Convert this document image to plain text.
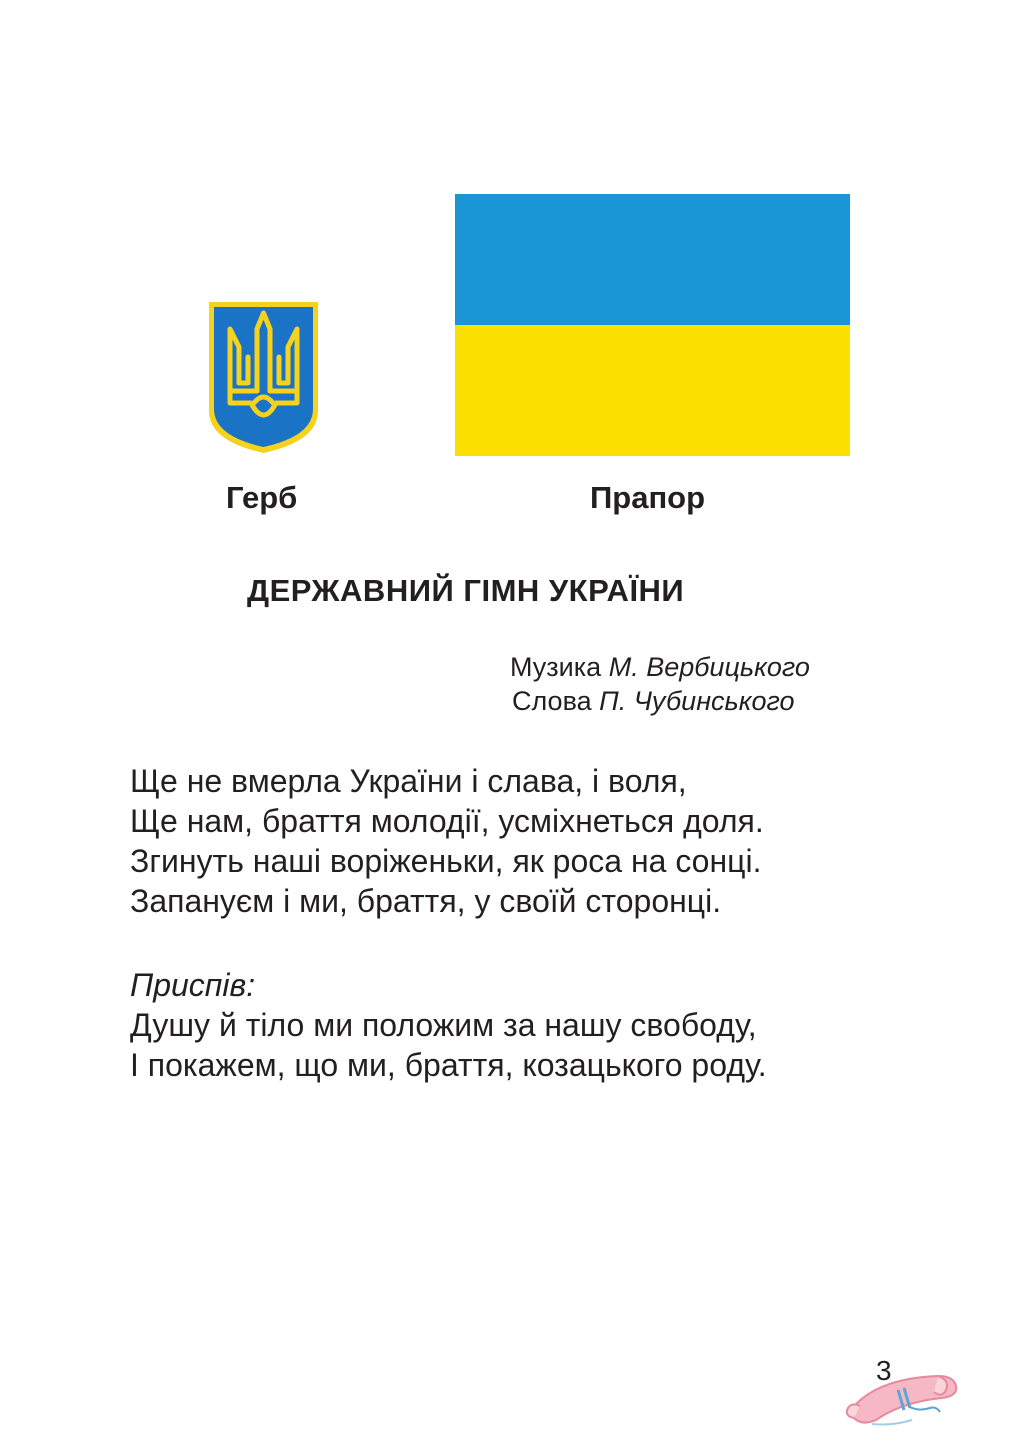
Герб	Прапор
ДЕРЖАВНИЙ ГІМН УКРАЇНИ
Музика М. Вербицького
Слова П. Чубинського
Ще не вмерла України і слава, і воля,
Ще нам, браття молодії, усміхнеться доля.
Згинуть наші воріженьки, як роса на сонці.
Запануєм і ми, браття, у своїй сторонці.
Приспів:
Душу й тіло ми положим за нашу свободу,
І покажем, що ми, браття, козацького роду.
3
